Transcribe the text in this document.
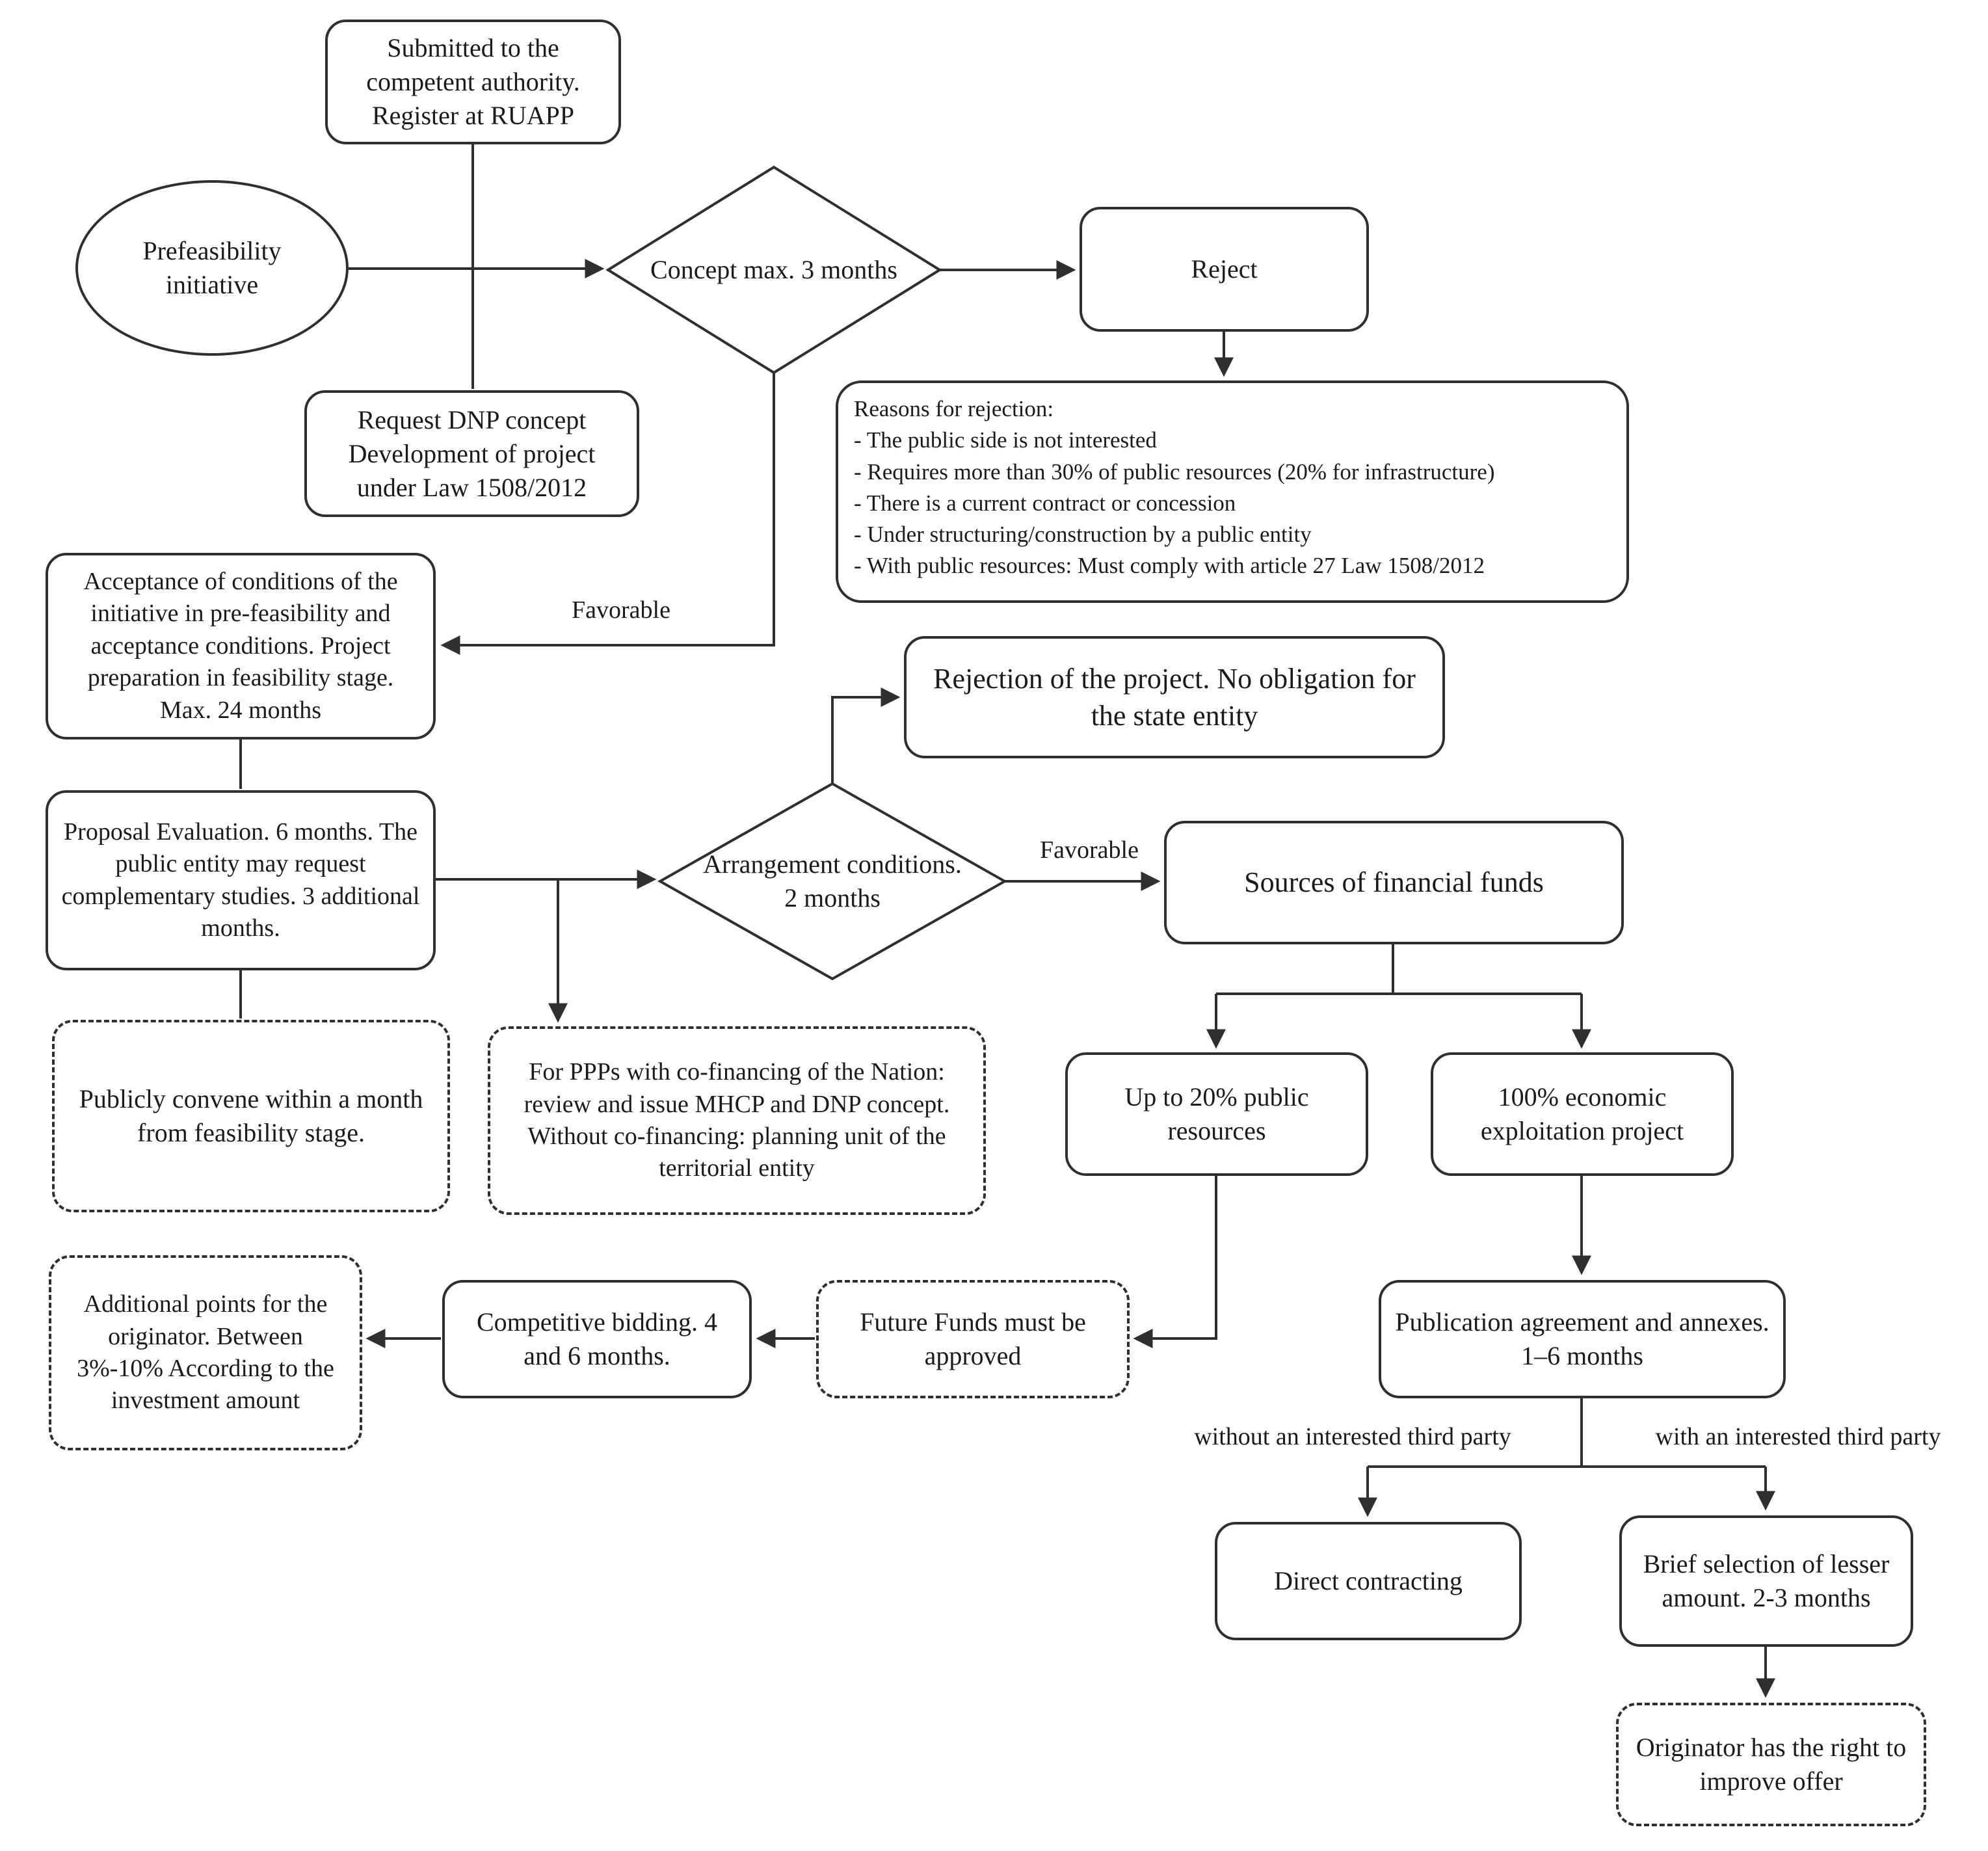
Prefeasibility initiative
Submitted to the competent authority. Register at RUAPP
Request DNP concept Development of project under Law 1508/2012
Reject
Reasons for rejection:
- The public side is not interested
- Requires more than 30% of public resources (20% for infrastructure)
- There is a current contract or concession
- Under structuring/construction by a public entity
- With public resources: Must comply with article 27 Law 1508/2012
Acceptance of conditions of the initiative in pre-feasibility and acceptance conditions. Project preparation in feasibility stage. Max. 24 months
Proposal Evaluation. 6 months. The public entity may request complementary studies. 3 additional months.
Rejection of the project. No obligation for the state entity
Sources of financial funds
Publicly convene within a month from feasibility stage.
For PPPs with co-financing of the Nation: review and issue MHCP and DNP concept. Without co-financing: planning unit of the territorial entity
Up to 20% public resources
100% economic exploitation project
Additional points for the originator. Between 3%-10% According to the investment amount
Competitive bidding. 4 and 6 months.
Future Funds must be approved
Publication agreement and annexes. 1–6 months
Direct contracting
Brief selection of lesser amount. 2-3 months
Originator has the right to improve offer
Concept max. 3 months
Arrangement conditions. 2 months
Favorable
Favorable
without an interested third party	with an interested third party
